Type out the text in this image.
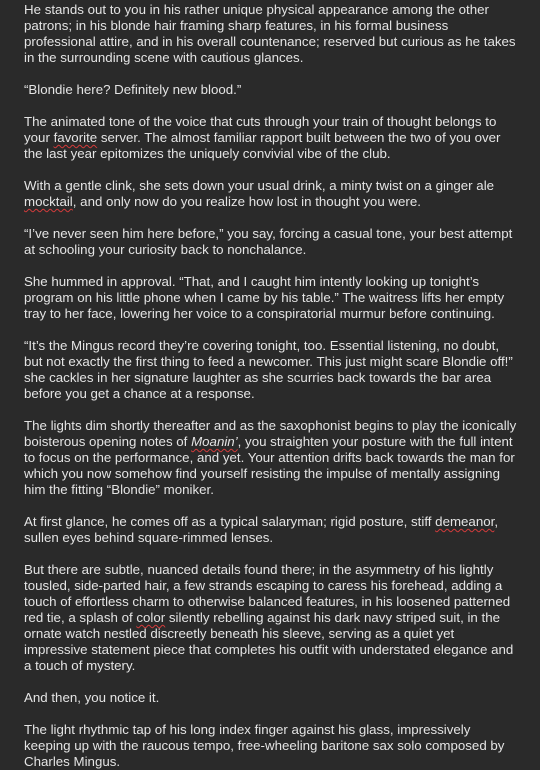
He stands out to you in his rather unique physical appearance among the other patrons; in his blonde hair framing sharp features, in his formal business professional attire, and in his overall countenance; reserved but curious as he takes in the surrounding scene with cautious glances.

“Blondie here? Definitely new blood.”

The animated tone of the voice that cuts through your train of thought belongs to your favorite server. The almost familiar rapport built between the two of you over the last year epitomizes the uniquely convivial vibe of the club.

With a gentle clink, she sets down your usual drink, a minty twist on a ginger ale mocktail, and only now do you realize how lost in thought you were.

“I’ve never seen him here before,” you say, forcing a casual tone, your best attempt at schooling your curiosity back to nonchalance.

She hummed in approval. “That, and I caught him intently looking up tonight’s program on his little phone when I came by his table.” The waitress lifts her empty tray to her face, lowering her voice to a conspiratorial murmur before continuing.

“It’s the Mingus record they’re covering tonight, too. Essential listening, no doubt, but not exactly the first thing to feed a newcomer. This just might scare Blondie off!” she cackles in her signature laughter as she scurries back towards the bar area before you get a chance at a response.

The lights dim shortly thereafter and as the saxophonist begins to play the iconically boisterous opening notes of Moanin’, you straighten your posture with the full intent to focus on the performance, and yet. Your attention drifts back towards the man for which you now somehow find yourself resisting the impulse of mentally assigning him the fitting “Blondie” moniker.

At first glance, he comes off as a typical salaryman; rigid posture, stiff demeanor, sullen eyes behind square-rimmed lenses.

But there are subtle, nuanced details found there; in the asymmetry of his lightly tousled, side-parted hair, a few strands escaping to caress his forehead, adding a touch of effortless charm to otherwise balanced features, in his loosened patterned red tie, a splash of color silently rebelling against his dark navy striped suit, in the ornate watch nestled discreetly beneath his sleeve, serving as a quiet yet impressive statement piece that completes his outfit with understated elegance and a touch of mystery.

And then, you notice it.

The light rhythmic tap of his long index finger against his glass, impressively keeping up with the raucous tempo, free-wheeling baritone sax solo composed by Charles Mingus.
